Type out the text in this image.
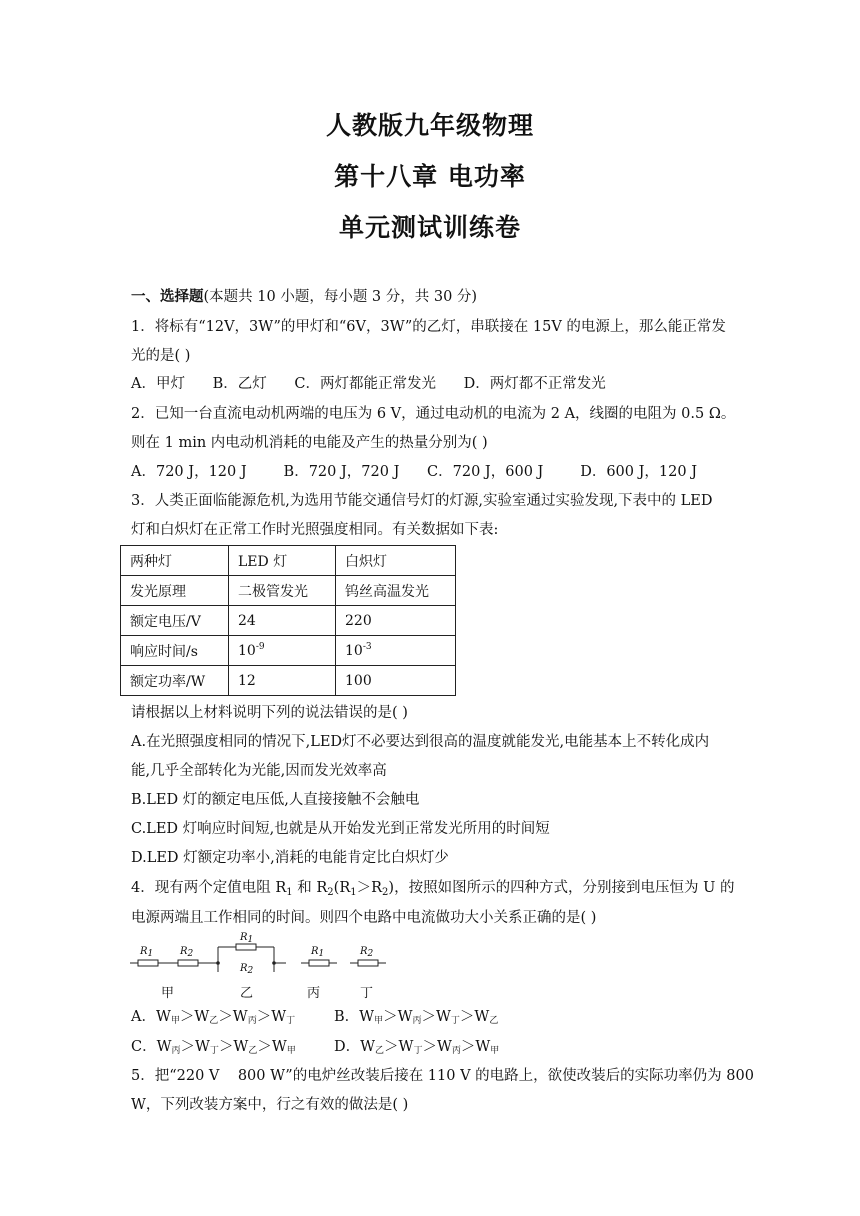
人教版九年级物理
第十八章 电功率
单元测试训练卷
一、选择题(本题共 10 小题，每小题 3 分，共 30 分)
1．将标有“12V，3W”的甲灯和“6V，3W”的乙灯，串联接在 15V 的电源上，那么能正常发
光的是( )
A．甲灯      B．乙灯      C．两灯都能正常发光      D．两灯都不正常发光
2．已知一台直流电动机两端的电压为 6 V，通过电动机的电流为 2 A，线圈的电阻为 0.5 Ω。
则在 1 min 内电动机消耗的电能及产生的热量分别为( )
A．720 J，120 J        B．720 J，720 J      C．720 J，600 J        D．600 J，120 J
3．人类正面临能源危机,为选用节能交通信号灯的灯源,实验室通过实验发现,下表中的 LED
灯和白炽灯在正常工作时光照强度相同。有关数据如下表:
两种灯	LED 灯	白炽灯
发光原理	二极管发光	钨丝高温发光
额定电压/V	24	220
响应时间/s	$10^{-9}$	$10^{-3}$
额定功率/W	12	100
请根据以上材料说明下列的说法错误的是( )
A.在光照强度相同的情况下,LED灯不必要达到很高的温度就能发光,电能基本上不转化成内
能,几乎全部转化为光能,因而发光效率高
B.LED 灯的额定电压低,人直接接触不会触电
C.LED 灯响应时间短,也就是从开始发光到正常发光所用的时间短
D.LED 灯额定功率小,消耗的电能肯定比白炽灯少
4．现有两个定值电阻 $R_1$ 和 $R_2(R_1>R_2)$，按照如图所示的四种方式，分别接到电压恒为 U 的
电源两端且工作相同的时间。则四个电路中电流做功大小关系正确的是( )
R1	R2
R1
R2
R1	R2
甲	乙	丙	丁
A．W甲＞W乙＞W丙＞W丁	B．W甲＞W丙＞W丁＞W乙
C．W丙＞W丁＞W乙＞W甲	D．W乙＞W丁＞W丙＞W甲
5．把“220 V    800 W”的电炉丝改装后接在 110 V 的电路上，欲使改装后的实际功率仍为 800
W，下列改装方案中，行之有效的做法是( )
